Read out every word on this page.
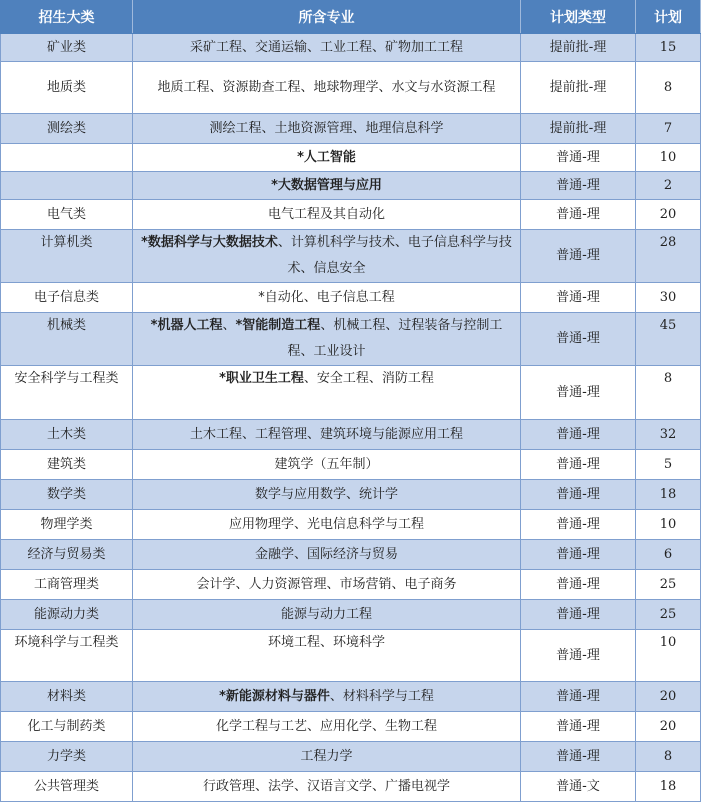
招生大类	所含专业	计划类型	计划
矿业类	采矿工程、交通运输、工业工程、矿物加工工程	提前批-理	15
地质类	地质工程、资源勘查工程、地球物理学、水文与水资源工程	提前批-理	8
测绘类	测绘工程、土地资源管理、地理信息科学	提前批-理	7
	*人工智能	普通-理	10
	*大数据管理与应用	普通-理	2
电气类	电气工程及其自动化	普通-理	20
计算机类	*数据科学与大数据技术、计算机科学与技术、电子信息科学与技术、信息安全	普通-理	28
电子信息类	*自动化、电子信息工程	普通-理	30
机械类	*机器人工程、*智能制造工程、机械工程、过程装备与控制工程、工业设计	普通-理	45
安全科学与工程类	*职业卫生工程、安全工程、消防工程	普通-理	8
土木类	土木工程、工程管理、建筑环境与能源应用工程	普通-理	32
建筑类	建筑学（五年制）	普通-理	5
数学类	数学与应用数学、统计学	普通-理	18
物理学类	应用物理学、光电信息科学与工程	普通-理	10
经济与贸易类	金融学、国际经济与贸易	普通-理	6
工商管理类	会计学、人力资源管理、市场营销、电子商务	普通-理	25
能源动力类	能源与动力工程	普通-理	25
环境科学与工程类	环境工程、环境科学	普通-理	10
材料类	*新能源材料与器件、材料科学与工程	普通-理	20
化工与制药类	化学工程与工艺、应用化学、生物工程	普通-理	20
力学类	工程力学	普通-理	8
公共管理类	行政管理、法学、汉语言文学、广播电视学	普通-文	18
